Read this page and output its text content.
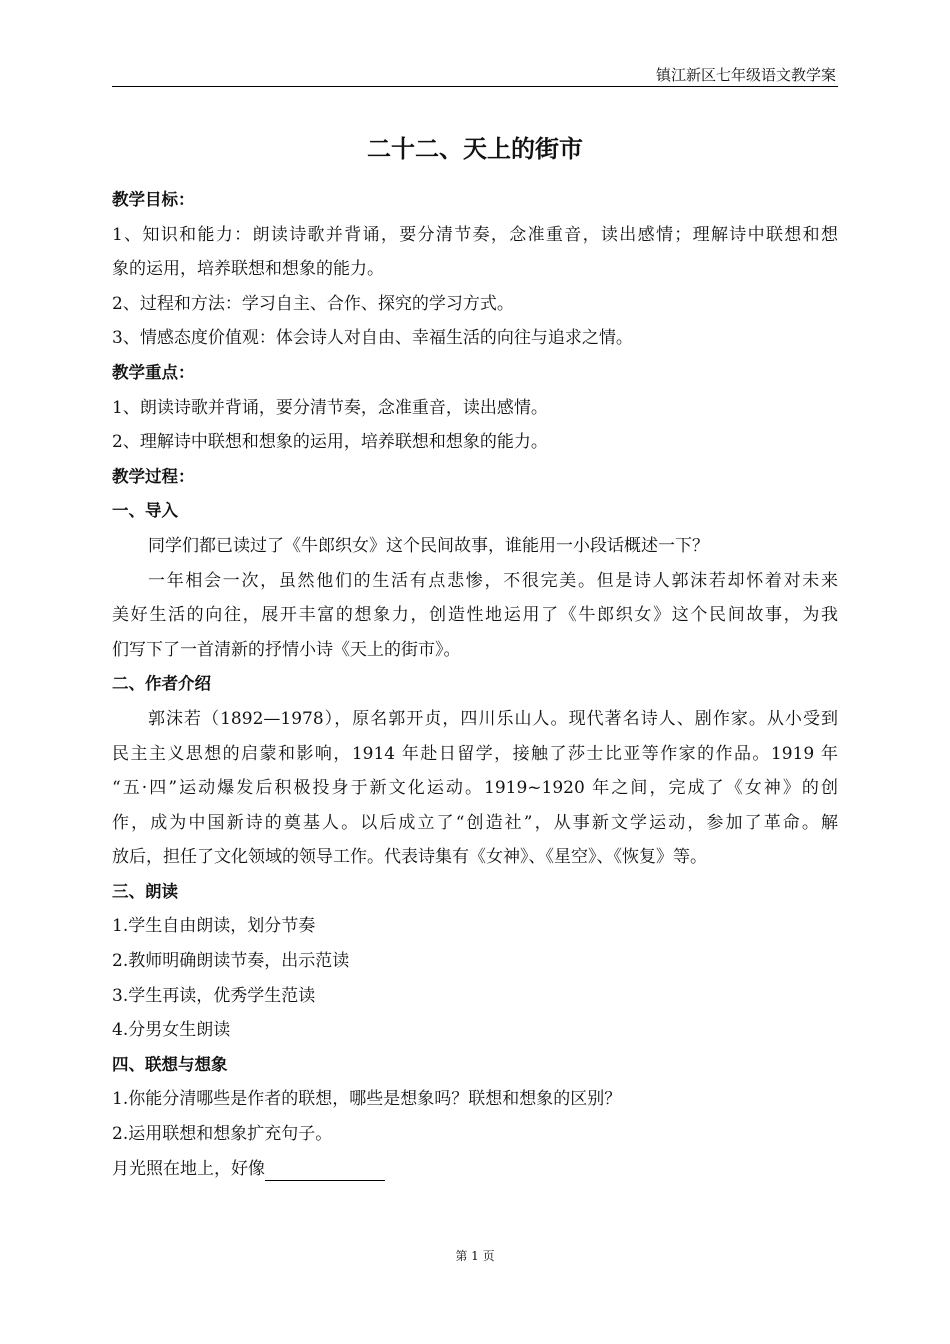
镇江新区七年级语文教学案
二十二、天上的街市
教学目标：
1、知识和能力：朗读诗歌并背诵，要分清节奏，念准重音，读出感情；理解诗中联想和想
象的运用，培养联想和想象的能力。
2、过程和方法：学习自主、合作、探究的学习方式。
3、情感态度价值观：体会诗人对自由、幸福生活的向往与追求之情。
教学重点：
1、朗读诗歌并背诵，要分清节奏，念准重音，读出感情。
2、理解诗中联想和想象的运用，培养联想和想象的能力。
教学过程：
一、导入
同学们都已读过了《牛郎织女》这个民间故事，谁能用一小段话概述一下？
一年相会一次，虽然他们的生活有点悲惨，不很完美。但是诗人郭沫若却怀着对未来
美好生活的向往，展开丰富的想象力，创造性地运用了《牛郎织女》这个民间故事，为我
们写下了一首清新的抒情小诗《天上的街市》。
二、作者介绍
郭沫若（1892—1978），原名郭开贞，四川乐山人。现代著名诗人、剧作家。从小受到
民主主义思想的启蒙和影响，1914 年赴日留学，接触了莎士比亚等作家的作品。1919 年
“五·四”运动爆发后积极投身于新文化运动。1919~1920 年之间，完成了《女神》的创
作，成为中国新诗的奠基人。以后成立了“创造社”，从事新文学运动，参加了革命。解
放后，担任了文化领域的领导工作。代表诗集有《女神》、《星空》、《恢复》等。
三、朗读
1.学生自由朗读，划分节奏
2.教师明确朗读节奏，出示范读
3.学生再读，优秀学生范读
4.分男女生朗读
四、联想与想象
1.你能分清哪些是作者的联想，哪些是想象吗？联想和想象的区别？
2.运用联想和想象扩充句子。
月光照在地上，好像
第 1 页
